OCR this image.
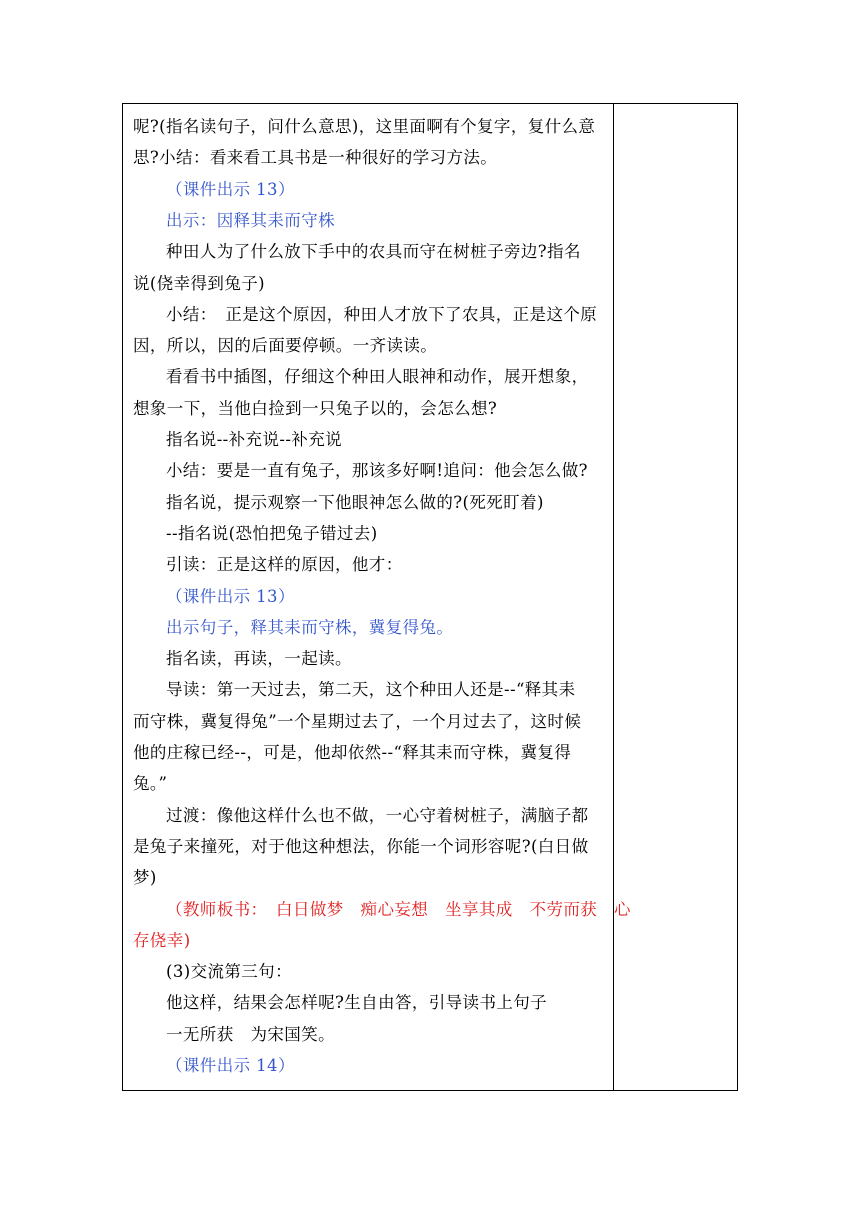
呢?(指名读句子，问什么意思)，这里面啊有个复字，复什么意
思?小结：看来看工具书是一种很好的学习方法。
（课件出示 13）
出示：因释其耒而守株
种田人为了什么放下手中的农具而守在树桩子旁边?指名
说(侥幸得到兔子)
小结：　正是这个原因，种田人才放下了农具，正是这个原
因，所以，因的后面要停顿。一齐读读。
看看书中插图，仔细这个种田人眼神和动作，展开想象，
想象一下，当他白捡到一只兔子以的，会怎么想?
指名说--补充说--补充说
小结：要是一直有兔子，那该多好啊!追问：他会怎么做?
指名说，提示观察一下他眼神怎么做的?(死死盯着)
--指名说(恐怕把兔子错过去)
引读：正是这样的原因，他才：
（课件出示 13）
出示句子，释其耒而守株，冀复得兔。
指名读，再读，一起读。
导读：第一天过去，第二天，这个种田人还是--“释其耒
而守株，冀复得兔”一个星期过去了，一个月过去了，这时候
他的庄稼已经--，可是，他却依然--“释其耒而守株，冀复得
兔。”
过渡：像他这样什么也不做，一心守着树桩子，满脑子都
是兔子来撞死，对于他这种想法，你能一个词形容呢?(白日做
梦)
（教师板书：　白日做梦　痴心妄想　坐享其成　不劳而获　心
存侥幸)
(3)交流第三句：
他这样，结果会怎样呢?生自由答，引导读书上句子
一无所获　为宋国笑。
（课件出示 14）
